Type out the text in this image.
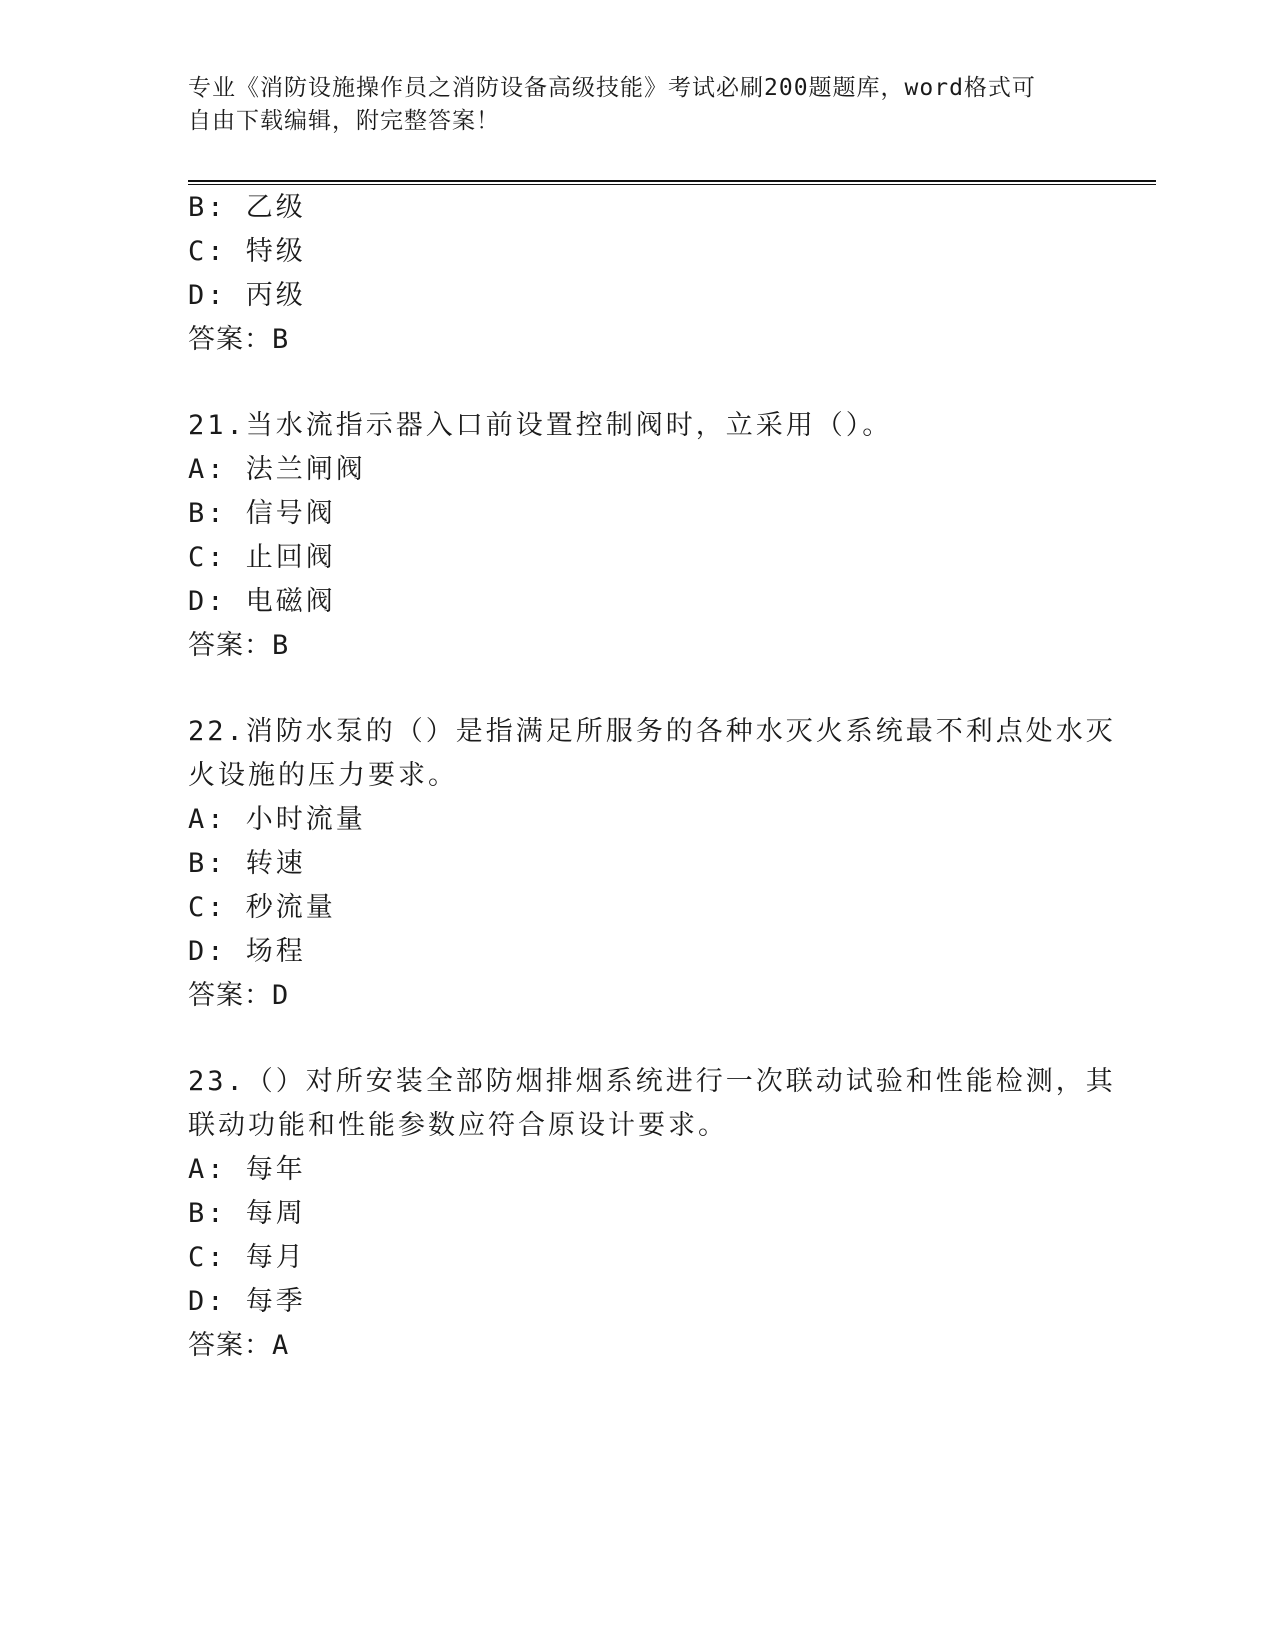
专业《消防设施操作员之消防设备高级技能》考试必刷200题题库，word格式可
自由下载编辑，附完整答案！
B: 乙级
C: 特级
D: 丙级
答案：B
21.当水流指示器入口前设置控制阀时，立采用（）。
A: 法兰闸阀
B: 信号阀
C: 止回阀
D: 电磁阀
答案：B
22.消防水泵的（）是指满足所服务的各种水灭火系统最不利点处水灭
火设施的压力要求。
A: 小时流量
B: 转速
C: 秒流量
D: 场程
答案：D
23.（）对所安装全部防烟排烟系统进行一次联动试验和性能检测，其
联动功能和性能参数应符合原设计要求。
A: 每年
B: 每周
C: 每月
D: 每季
答案：A
